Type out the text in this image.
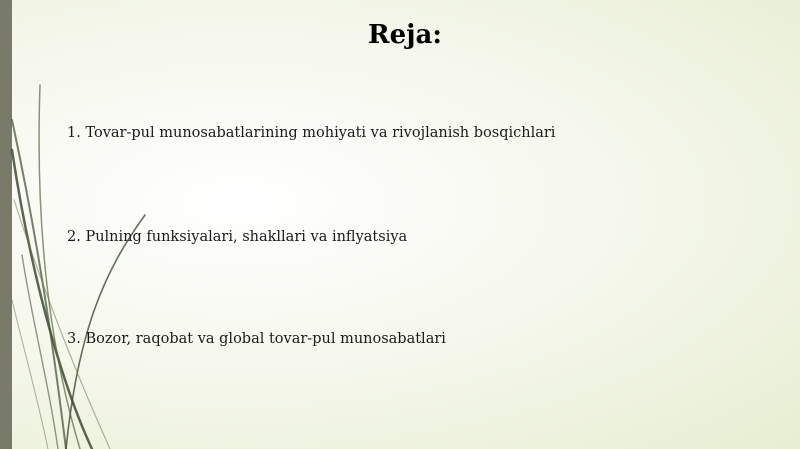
Reja:
1. Tovar-pul munosabatlarining mohiyati va rivojlanish bosqichlari
2. Pulning funksiyalari, shakllari va inflyatsiya
3. Bozor, raqobat va global tovar-pul munosabatlari
